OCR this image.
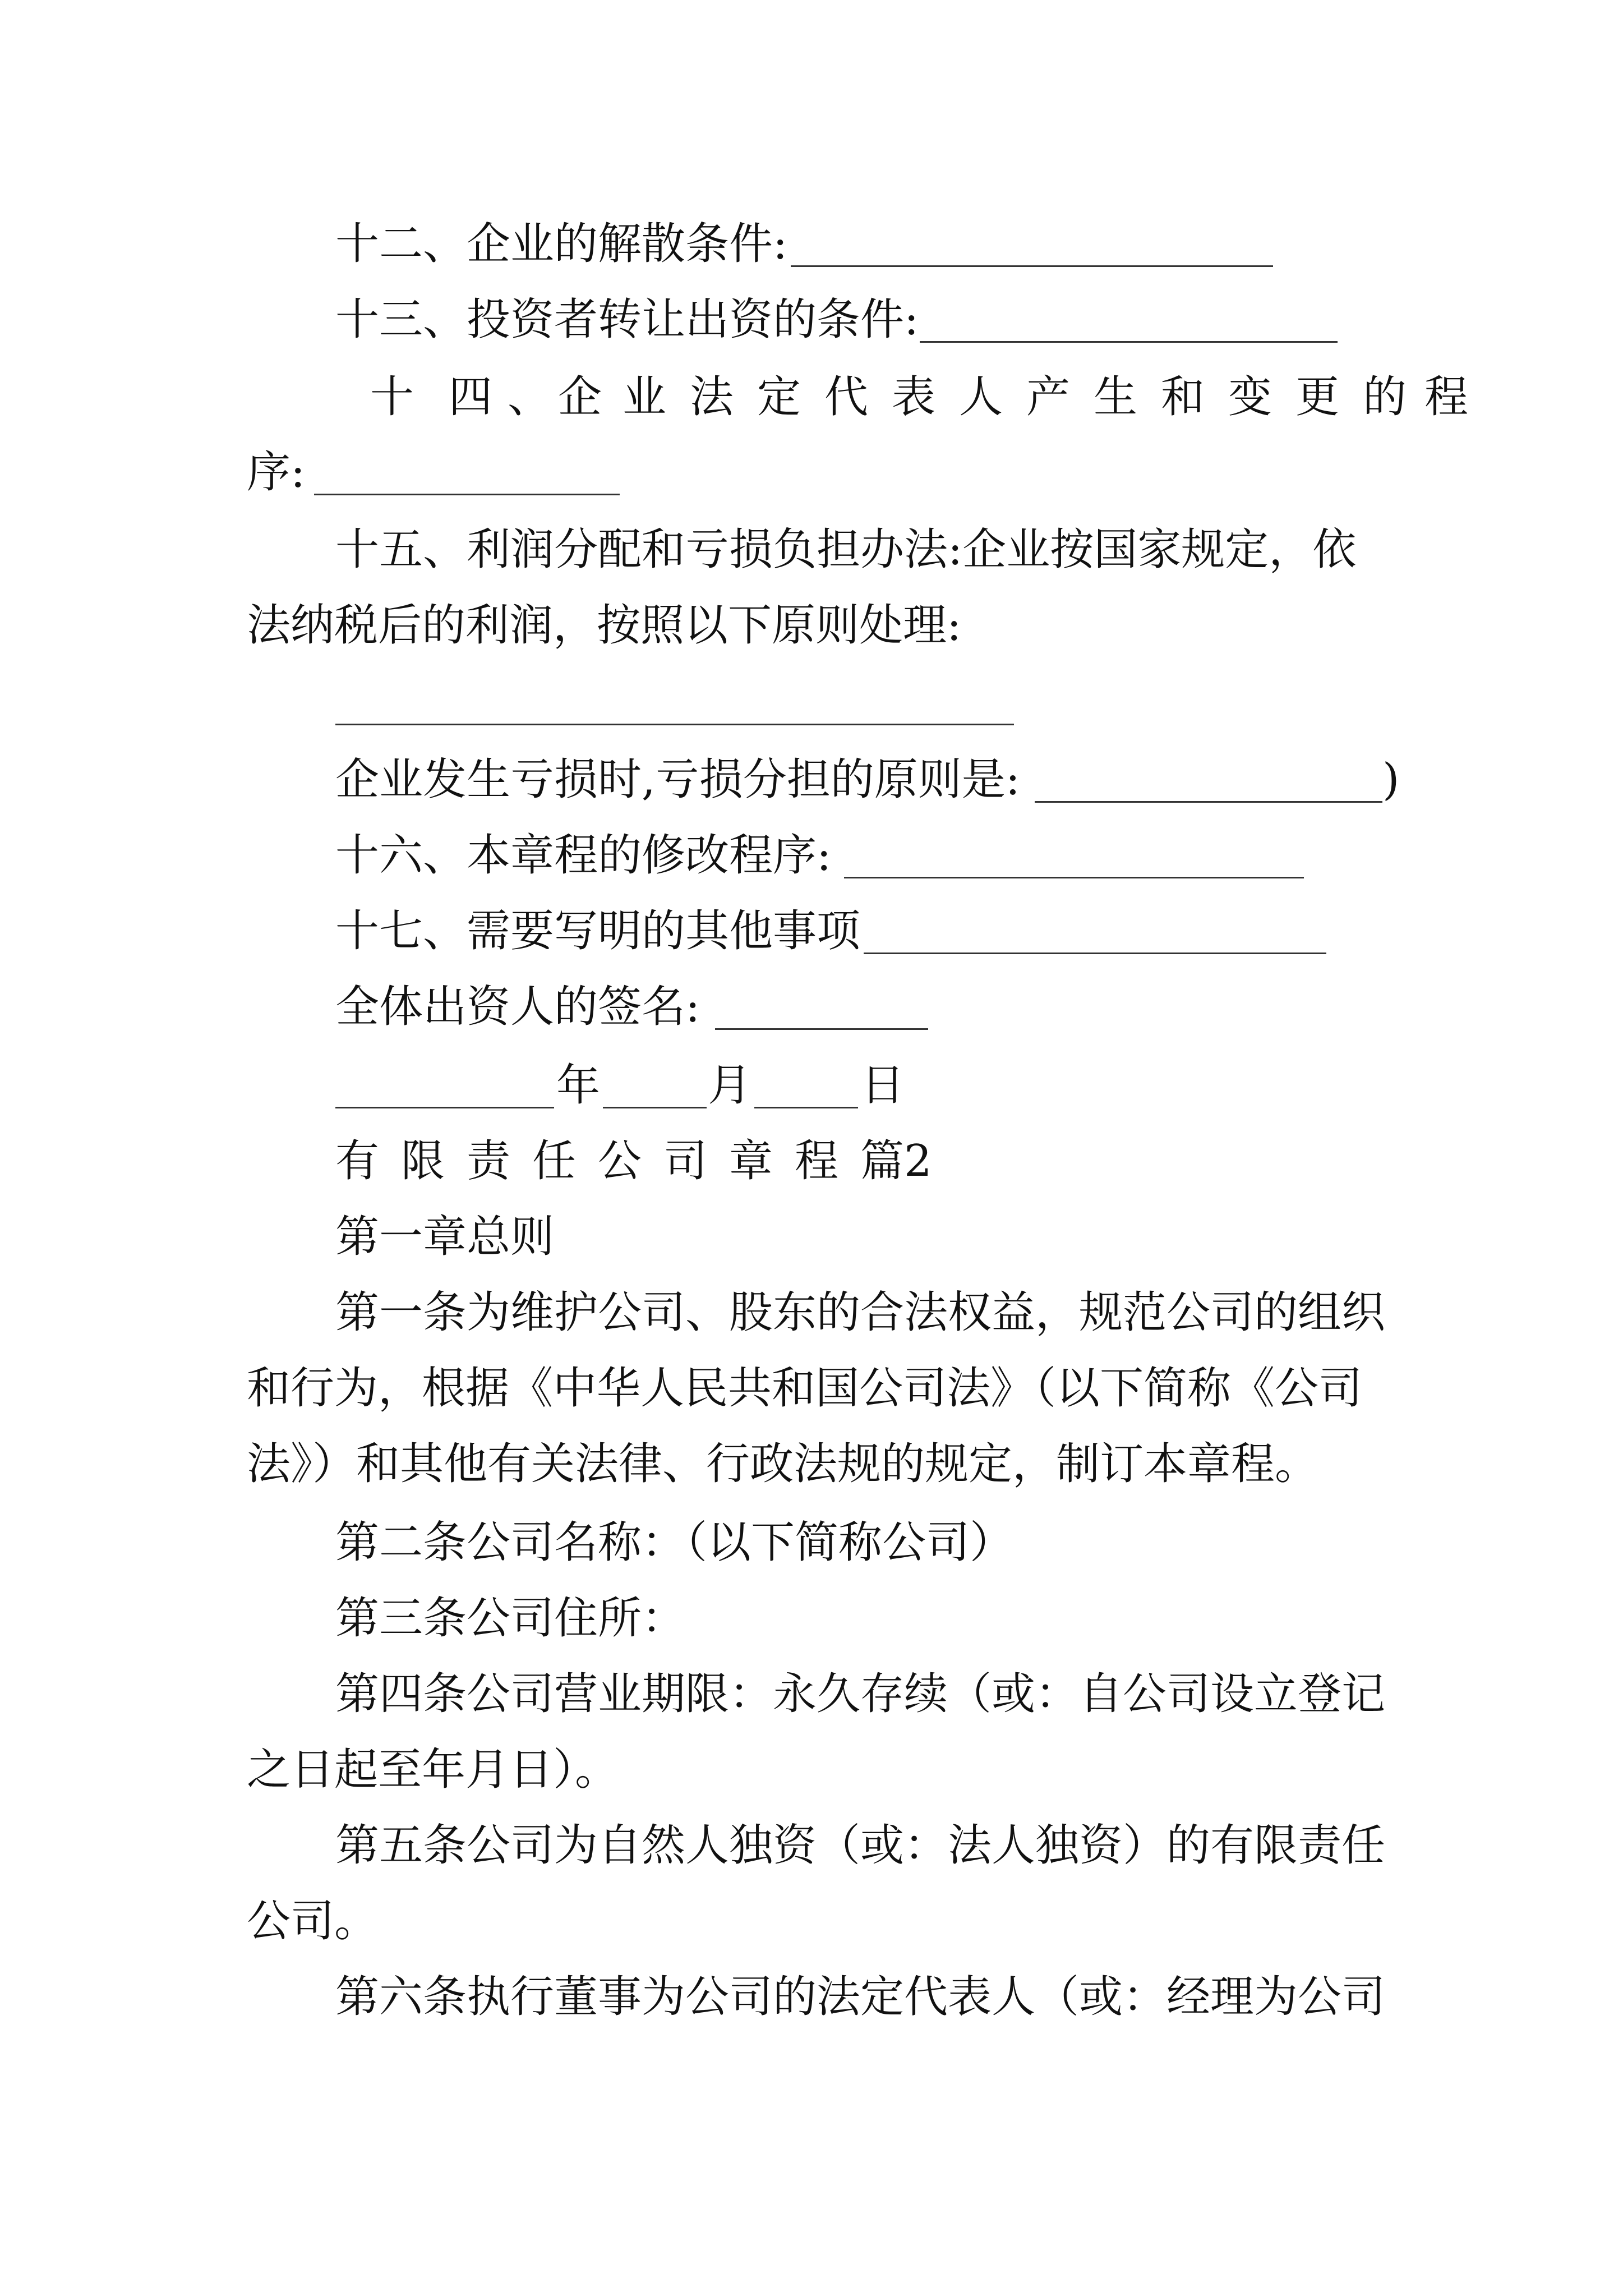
十二、企业的解散条件:
十三、投资者转让出资的条件:
十 四 、 企 业 法 定 代 表 人 产 生 和 变 更 的 程
序:
十五、利润分配和亏损负担办法:企业按国家规定，依
法纳税后的利润，按照以下原则处理:
企业发生亏损时,亏损分担的原则是:	)
十六、本章程的修改程序:
十七、需要写明的其他事项
全体出资人的签名:
年 月 日
有 限 责 任 公 司 章 程 篇2
第一章总则
第一条为维护公司、股东的合法权益，规范公司的组织
和行为，根据《中华人民共和国公司法》（以下简称《公司
法》）和其他有关法律、行政法规的规定，制订本章程。
第二条公司名称：（以下简称公司）
第三条公司住所：
第四条公司营业期限：永久存续（或：自公司设立登记
之日起至年月日）。
第五条公司为自然人独资（或：法人独资）的有限责任
公司。
第六条执行董事为公司的法定代表人（或：经理为公司
